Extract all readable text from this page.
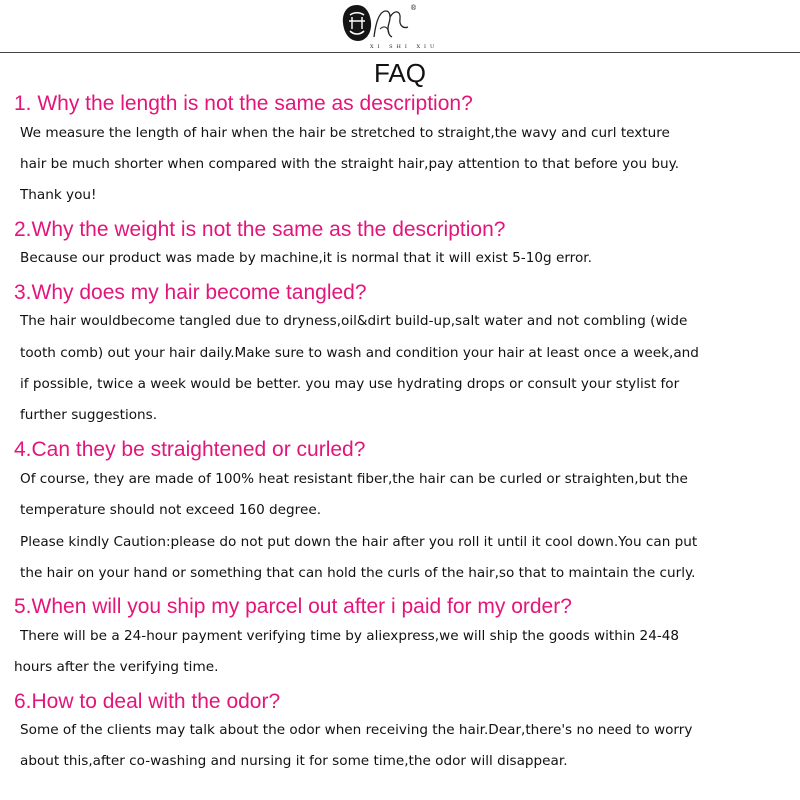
®
XI SHI XIU
FAQ
1. Why the length is not the same as description?
We measure the length of hair when the hair be stretched to straight,the wavy and curl texture
hair be much shorter when compared with the straight hair,pay attention to that before you buy.
Thank you!
2.Why the weight is not the same as the description?
Because our product was made by machine,it is normal that it will exist 5-10g error.
3.Why does my hair become tangled?
The hair wouldbecome tangled due to dryness,oil&dirt build-up,salt water and not combling (wide
tooth comb) out your hair daily.Make sure to wash and condition your hair at least once a week,and
if possible, twice a week would be better. you may use hydrating drops or consult your stylist for
further suggestions.
4.Can they be straightened or curled?
Of course, they are made of 100% heat resistant fiber,the hair can be curled or straighten,but the
temperature should not exceed 160 degree.
Please kindly Caution:please do not put down the hair after you roll it until it cool down.You can put
the hair on your hand or something that can hold the curls of the hair,so that to maintain the curly.
5.When will you ship my parcel out after i paid for my order?
There will be a 24-hour payment verifying time by aliexpress,we will ship the goods within 24-48
hours after the verifying time.
6.How to deal with the odor?
Some of the clients may talk about the odor when receiving the hair.Dear,there's no need to worry
about this,after co-washing and nursing it for some time,the odor will disappear.
